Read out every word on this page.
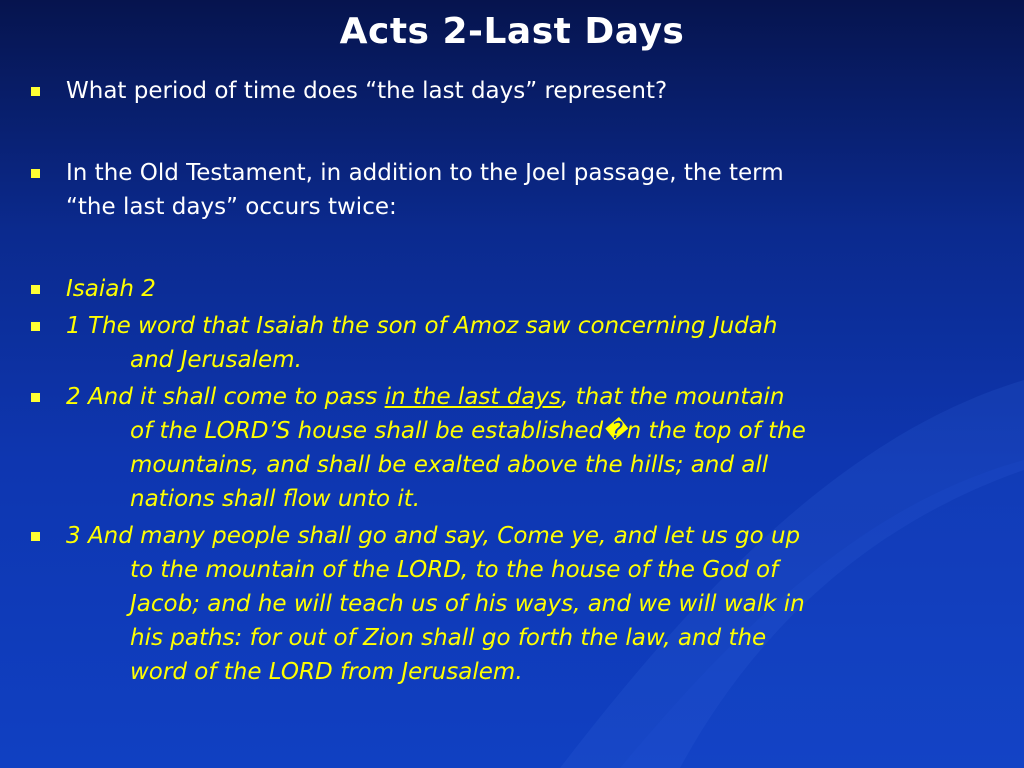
Acts 2-Last Days
What period of time does “the last days” represent?
In the Old Testament, in addition to the Joel passage, the term
“the last days” occurs twice:
Isaiah 2
1 The word that Isaiah the son of Amoz saw concerning Judah
and Jerusalem.
2 And it shall come to pass in the last days, that the mountain
of the LORD’S house shall be established�n the top of the
mountains, and shall be exalted above the hills; and all
nations shall flow unto it.
3 And many people shall go and say, Come ye, and let us go up
to the mountain of the LORD, to the house of the God of
Jacob; and he will teach us of his ways, and we will walk in
his paths: for out of Zion shall go forth the law, and the
word of the LORD from Jerusalem.
